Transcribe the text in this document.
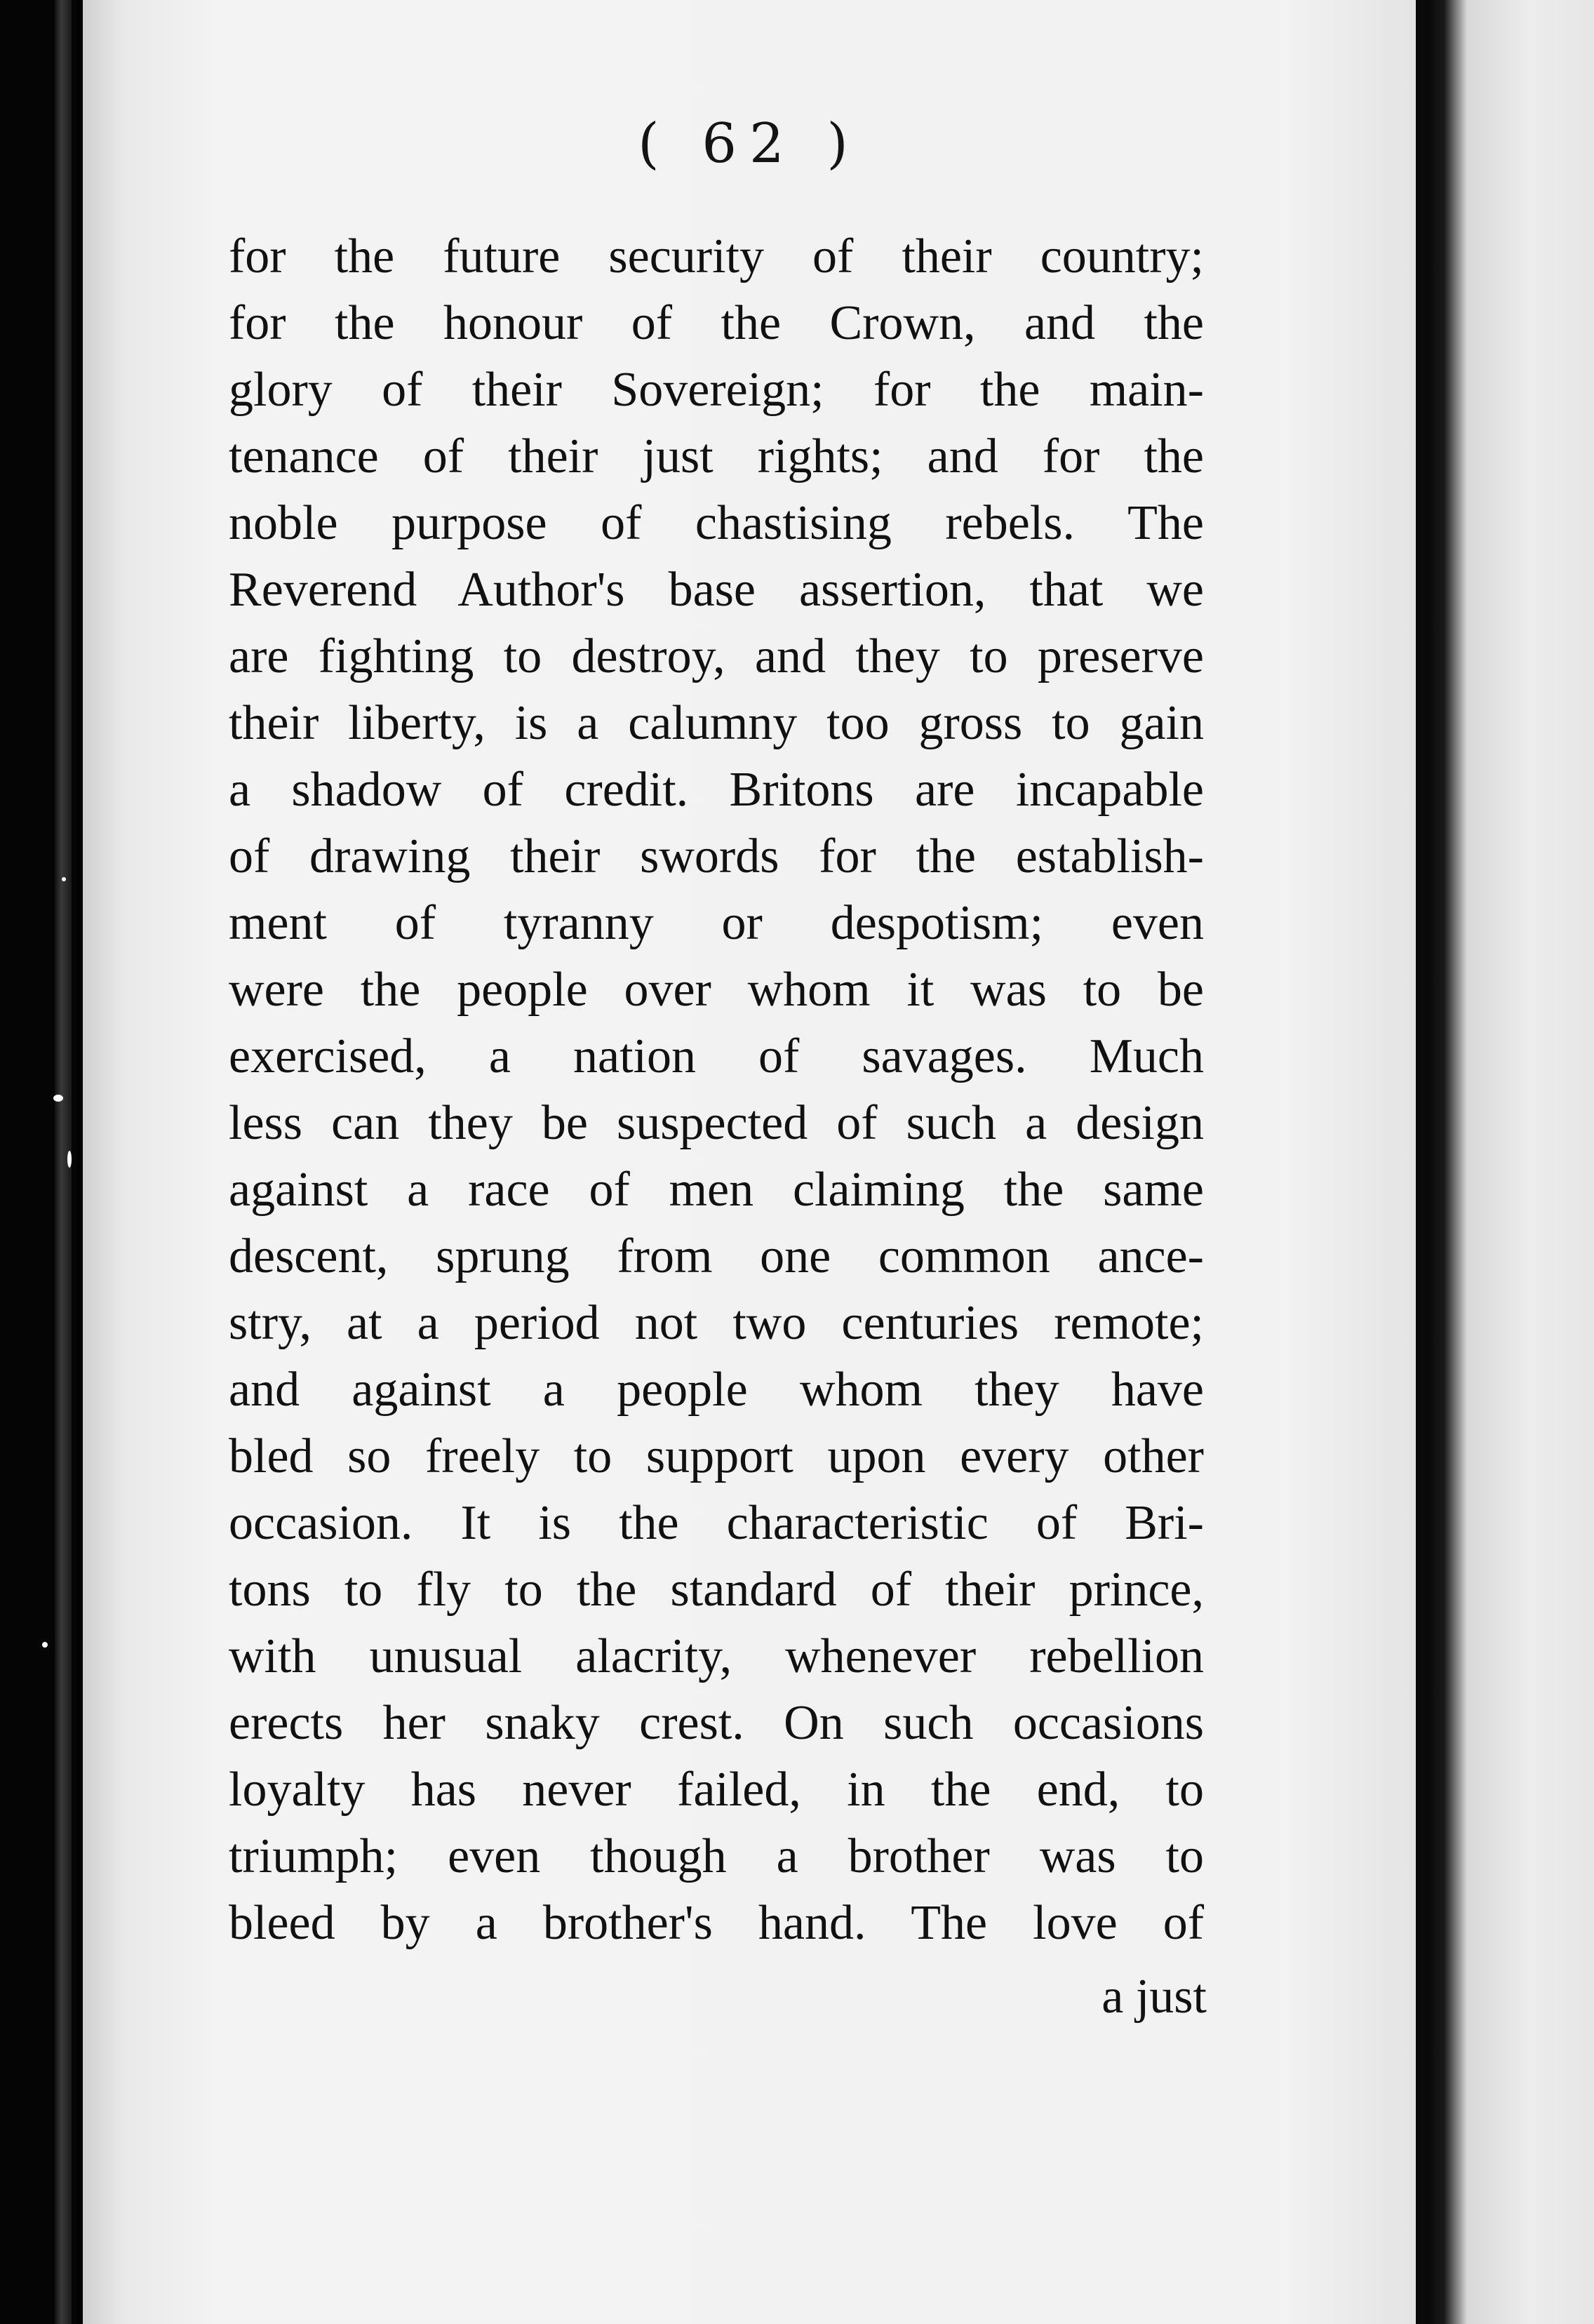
( 62 )
for the future security of their country;
for the honour of the Crown, and the
glory of their Sovereign; for the main-
tenance of their just rights; and for the
noble purpose of chastising rebels. The
Reverend Author's base assertion, that we
are fighting to destroy, and they to preserve
their liberty, is a calumny too gross to gain
a shadow of credit. Britons are incapable
of drawing their swords for the establish-
ment of tyranny or despotism; even
were the people over whom it was to be
exercised, a nation of savages. Much
less can they be suspected of such a design
against a race of men claiming the same
descent, sprung from one common ance-
stry, at a period not two centuries remote;
and against a people whom they have
bled so freely to support upon every other
occasion. It is the characteristic of Bri-
tons to fly to the standard of their prince,
with unusual alacrity, whenever rebellion
erects her snaky crest. On such occasions
loyalty has never failed, in the end, to
triumph; even though a brother was to
bleed by a brother's hand. The love of
a just
